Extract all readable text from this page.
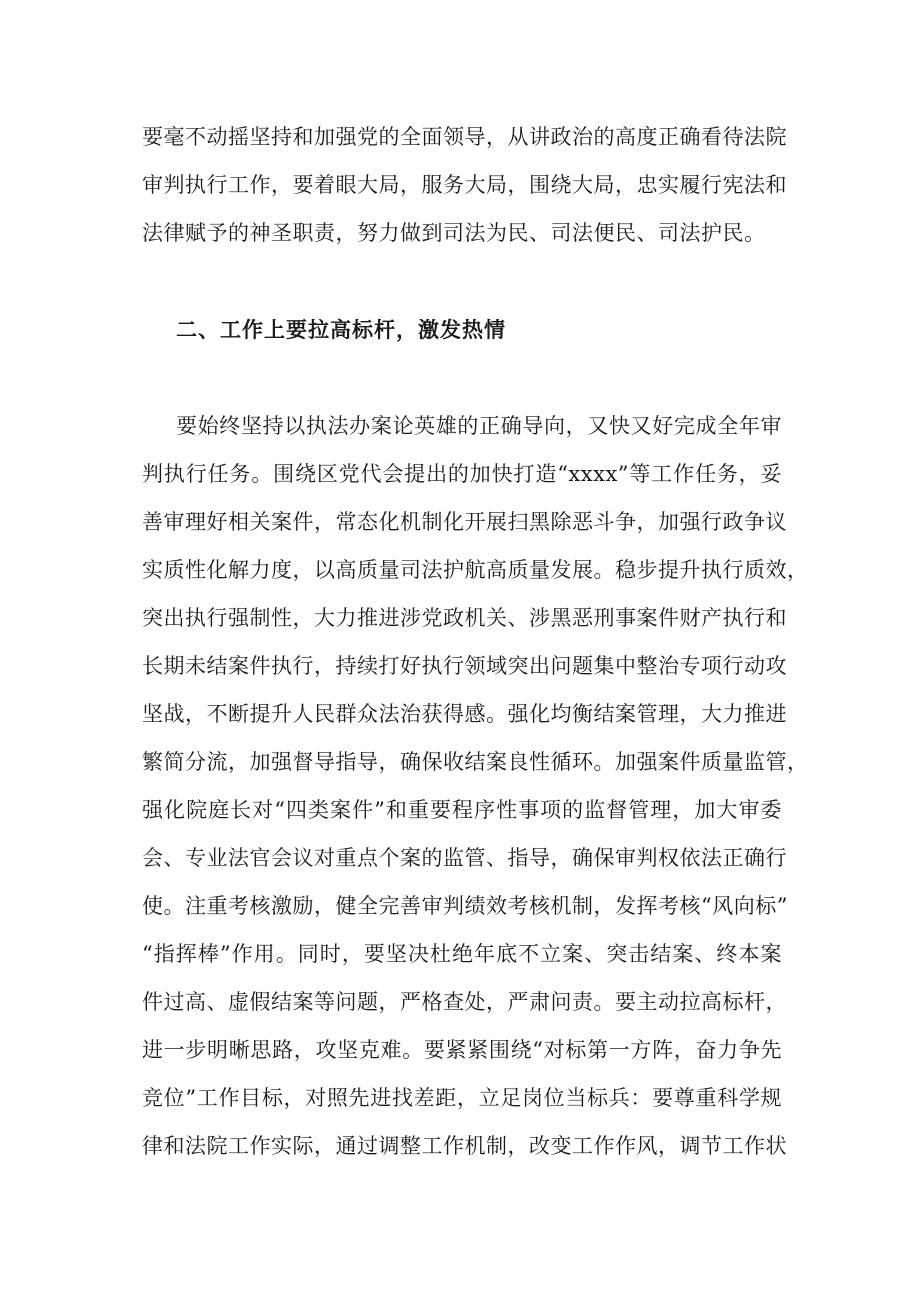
要毫不动摇坚持和加强党的全面领导，从讲政治的高度正确看待法院
审判执行工作，要着眼大局，服务大局，围绕大局，忠实履行宪法和
法律赋予的神圣职责，努力做到司法为民、司法便民、司法护民。
二、工作上要拉高标杆，激发热情
要始终坚持以执法办案论英雄的正确导向，又快又好完成全年审
判执行任务。围绕区党代会提出的加快打造“xxxx”等工作任务，妥
善审理好相关案件，常态化机制化开展扫黑除恶斗争，加强行政争议
实质性化解力度，以高质量司法护航高质量发展。稳步提升执行质效，
突出执行强制性，大力推进涉党政机关、涉黑恶刑事案件财产执行和
长期未结案件执行，持续打好执行领域突出问题集中整治专项行动攻
坚战，不断提升人民群众法治获得感。强化均衡结案管理，大力推进
繁简分流，加强督导指导，确保收结案良性循环。加强案件质量监管，
强化院庭长对“四类案件”和重要程序性事项的监督管理，加大审委
会、专业法官会议对重点个案的监管、指导，确保审判权依法正确行
使。注重考核激励，健全完善审判绩效考核机制，发挥考核“风向标”
“指挥棒”作用。同时，要坚决杜绝年底不立案、突击结案、终本案
件过高、虚假结案等问题，严格查处，严肃问责。要主动拉高标杆，
进一步明晰思路，攻坚克难。要紧紧围绕“对标第一方阵，奋力争先
竞位”工作目标，对照先进找差距，立足岗位当标兵：要尊重科学规
律和法院工作实际，通过调整工作机制，改变工作作风，调节工作状
